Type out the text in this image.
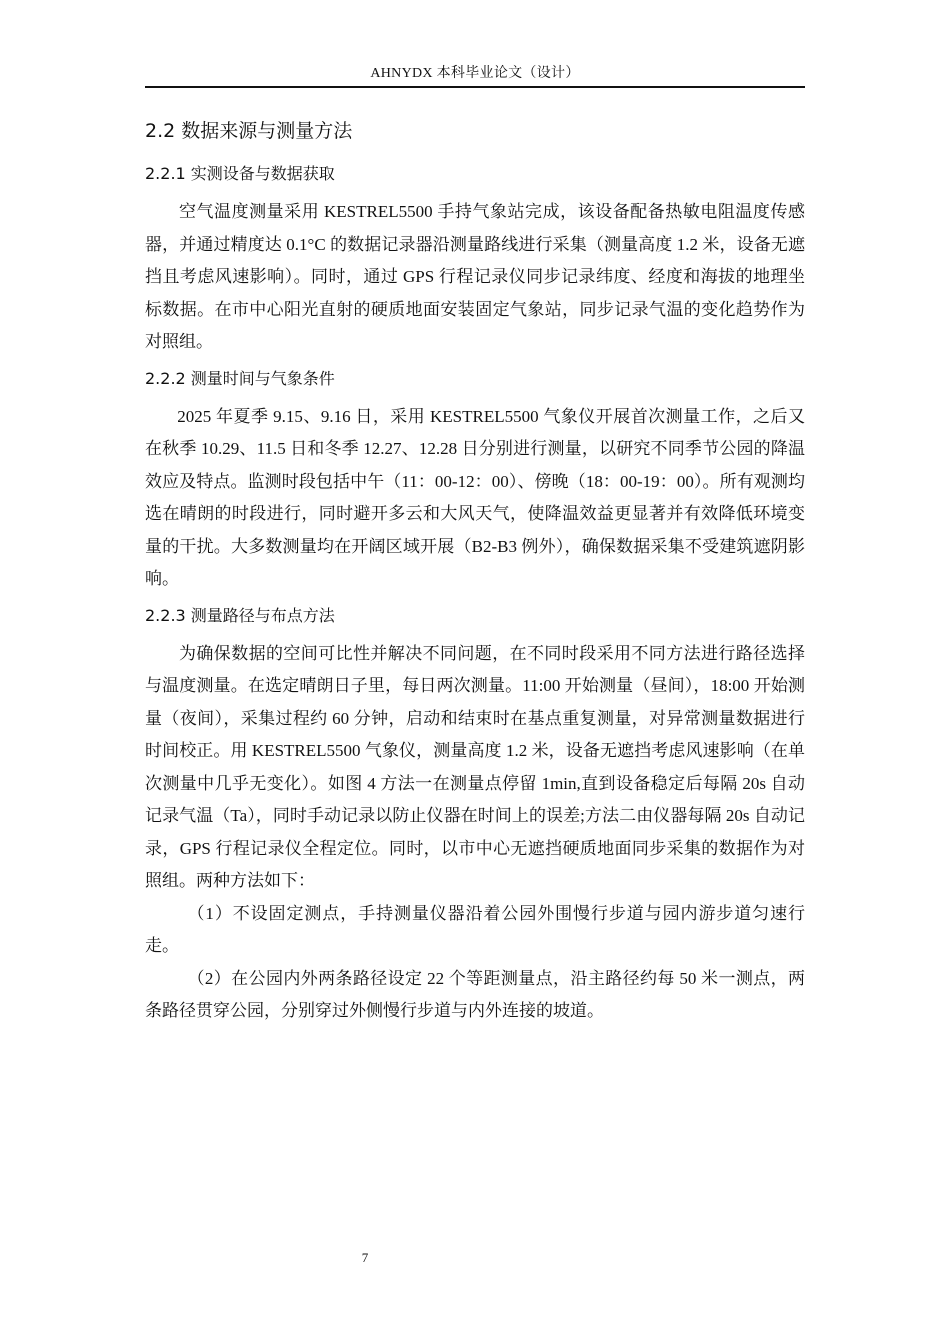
AHNYDX 本科毕业论文（设计）
2.2 数据来源与测量方法
2.2.1 实测设备与数据获取

空气温度测量采用 KESTREL5500 手持气象站完成，该设备配备热敏电阻温度传感器，并通过精度达 0.1°C 的数据记录器沿测量路线进行采集（测量高度 1.2 米，设备无遮挡且考虑风速影响）。同时，通过 GPS 行程记录仪同步记录纬度、经度和海拔的地理坐标数据。在市中心阳光直射的硬质地面安装固定气象站，同步记录气温的变化趋势作为对照组。

2.2.2 测量时间与气象条件

2025 年夏季 9.15、9.16 日，采用 KESTREL5500 气象仪开展首次测量工作，之后又在秋季 10.29、11.5 日和冬季 12.27、12.28 日分别进行测量，以研究不同季节公园的降温效应及特点。监测时段包括中午（11：00-12：00）、傍晚（18：00-19：00）。所有观测均选在晴朗的时段进行，同时避开多云和大风天气，使降温效益更显著并有效降低环境变量的干扰。大多数测量均在开阔区域开展（B2-B3 例外），确保数据采集不受建筑遮阴影响。

2.2.3 测量路径与布点方法

为确保数据的空间可比性并解决不同问题，在不同时段采用不同方法进行路径选择与温度测量。在选定晴朗日子里，每日两次测量。11:00 开始测量（昼间），18:00 开始测量（夜间），采集过程约 60 分钟，启动和结束时在基点重复测量，对异常测量数据进行时间校正。用 KESTREL5500 气象仪，测量高度 1.2 米，设备无遮挡考虑风速影响（在单次测量中几乎无变化）。如图 4 方法一在测量点停留 1min,直到设备稳定后每隔 20s 自动记录气温（Ta），同时手动记录以防止仪器在时间上的误差;方法二由仪器每隔 20s 自动记录，GPS 行程记录仪全程定位。同时，以市中心无遮挡硬质地面同步采集的数据作为对照组。两种方法如下：

（1）不设固定测点，手持测量仪器沿着公园外围慢行步道与园内游步道匀速行走。

（2）在公园内外两条路径设定 22 个等距测量点，沿主路径约每 50 米一测点，两条路径贯穿公园，分别穿过外侧慢行步道与内外连接的坡道。

7
